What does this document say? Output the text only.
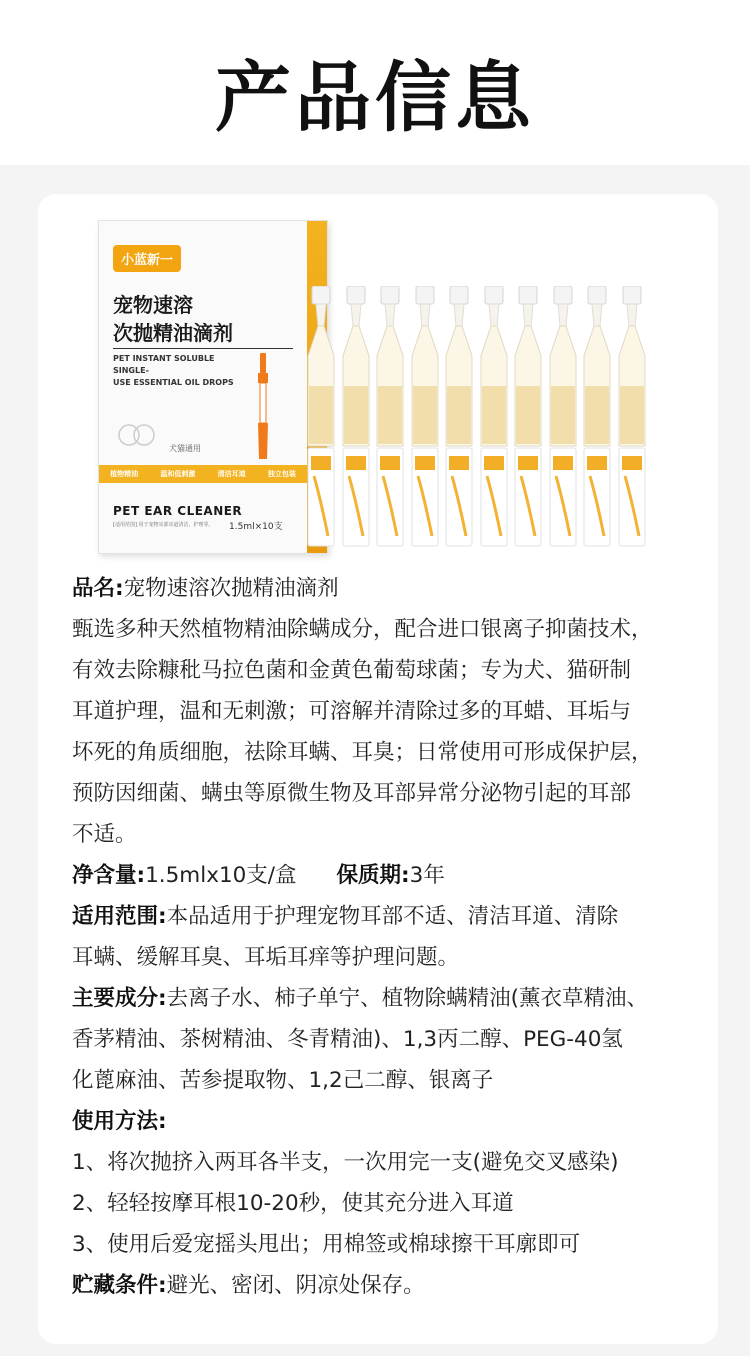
产品信息
小蓝新一
宠物速溶
次抛精油滴剂
PET INSTANT SOLUBLE SINGLE-
USE ESSENTIAL OIL DROPS
犬猫通用
植物精油	温和低刺激	清洁耳道	独立包装
PET EAR CLEANER
[适用范围] 用于宠物耳部耳道清洁、护理等。	1.5ml×10支
品名:宠物速溶次抛精油滴剂
甄选多种天然植物精油除螨成分，配合进口银离子抑菌技术，
有效去除糠秕马拉色菌和金黄色葡萄球菌；专为犬、猫研制
耳道护理，温和无刺激；可溶解并清除过多的耳蜡、耳垢与
坏死的角质细胞，祛除耳螨、耳臭；日常使用可形成保护层，
预防因细菌、螨虫等原微生物及耳部异常分泌物引起的耳部
不适。
净含量:1.5mlx10支/盒 保质期:3年
适用范围:本品适用于护理宠物耳部不适、清洁耳道、清除
耳螨、缓解耳臭、耳垢耳痒等护理问题。
主要成分:去离子水、柿子单宁、植物除螨精油(薰衣草精油、
香茅精油、茶树精油、冬青精油)、1,3丙二醇、PEG-40氢
化蓖麻油、苦参提取物、1,2己二醇、银离子
使用方法:
1、将次抛挤入两耳各半支，一次用完一支(避免交叉感染)
2、轻轻按摩耳根10-20秒，使其充分进入耳道
3、使用后爱宠摇头甩出；用棉签或棉球擦干耳廓即可
贮藏条件:避光、密闭、阴凉处保存。
